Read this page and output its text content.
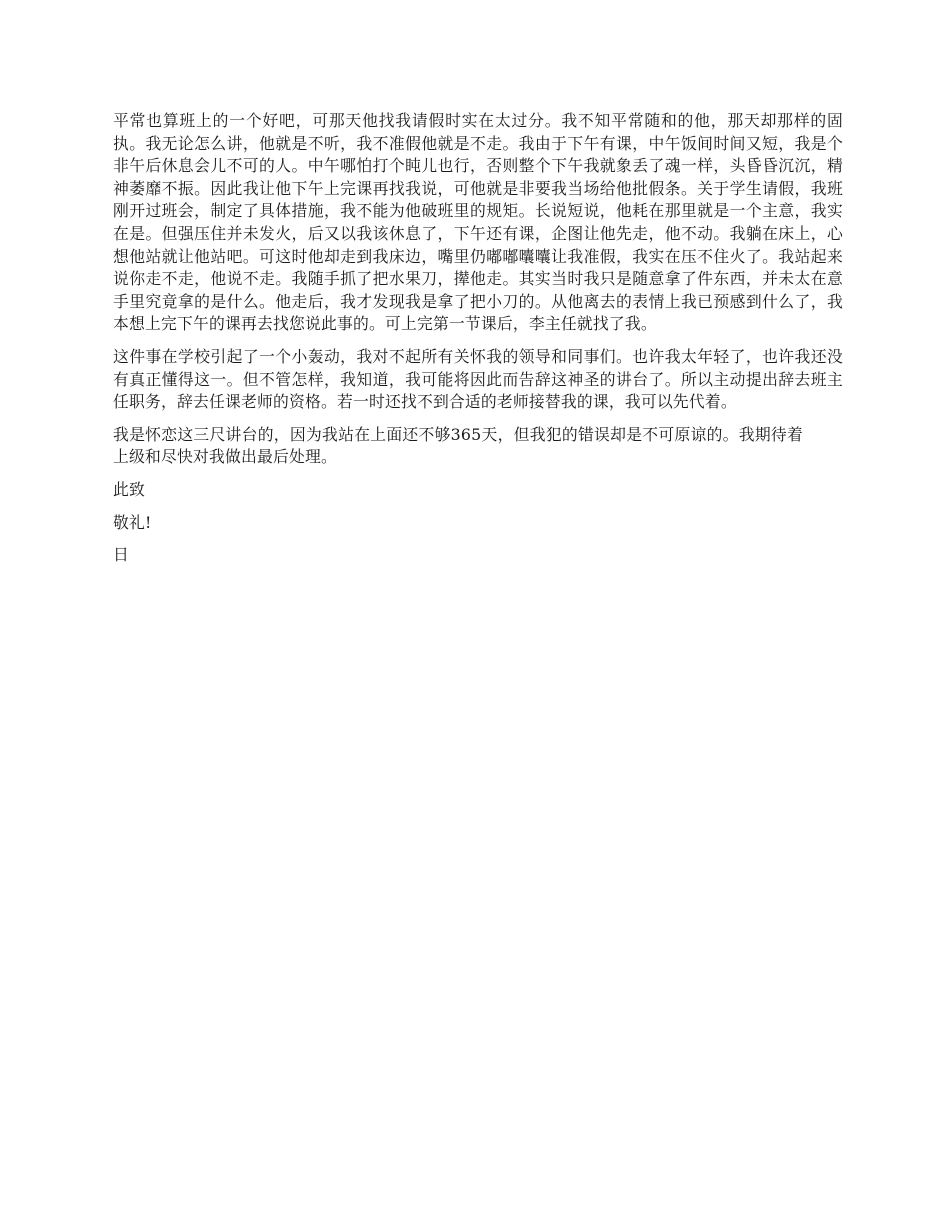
平常也算班上的一个好吧，可那天他找我请假时实在太过分。我不知平常随和的他，那天却那样的固执。我无论怎么讲，他就是不听，我不准假他就是不走。我由于下午有课，中午饭间时间又短，我是个非午后休息会儿不可的人。中午哪怕打个盹儿也行，否则整个下午我就象丢了魂一样，头昏昏沉沉，精神萎靡不振。因此我让他下午上完课再找我说，可他就是非要我当场给他批假条。关于学生请假，我班刚开过班会，制定了具体措施，我不能为他破班里的规矩。长说短说，他耗在那里就是一个主意，我实在是。但强压住并未发火，后又以我该休息了，下午还有课，企图让他先走，他不动。我躺在床上，心想他站就让他站吧。可这时他却走到我床边，嘴里仍嘟嘟囔囔让我准假，我实在压不住火了。我站起来说你走不走，他说不走。我随手抓了把水果刀，撵他走。其实当时我只是随意拿了件东西，并未太在意手里究竟拿的是什么。他走后，我才发现我是拿了把小刀的。从他离去的表情上我已预感到什么了，我本想上完下午的课再去找您说此事的。可上完第一节课后，李主任就找了我。

这件事在学校引起了一个小轰动，我对不起所有关怀我的领导和同事们。也许我太年轻了，也许我还没有真正懂得这一。但不管怎样，我知道，我可能将因此而告辞这神圣的讲台了。所以主动提出辞去班主任职务，辞去任课老师的资格。若一时还找不到合适的老师接替我的课，我可以先代着。

我是怀恋这三尺讲台的，因为我站在上面还不够365天，但我犯的错误却是不可原谅的。我期待着上级和尽快对我做出最后处理。

此致

敬礼!

日
